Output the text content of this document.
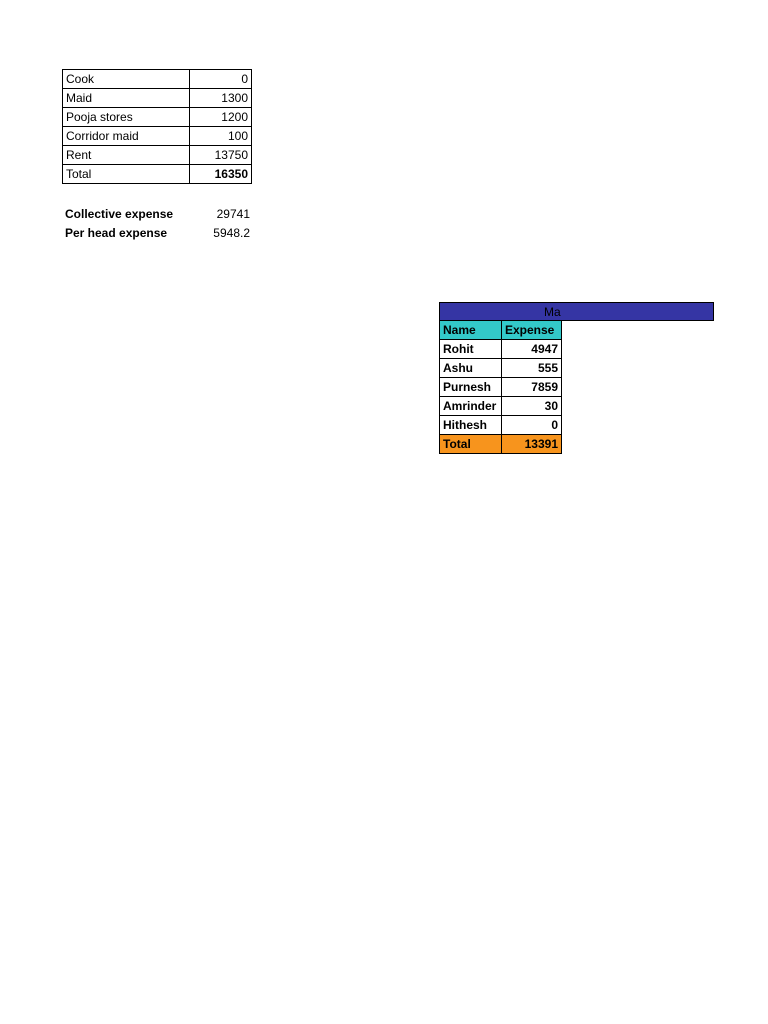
Cook	0
Maid	1300
Pooja stores	1200
Corridor maid	100
Rent	13750
Total	16350
Collective expense	29741
Per head expense	5948.2
Ma
Name	Expense
Rohit	4947
Ashu	555
Purnesh	7859
Amrinder	30
Hithesh	0
Total	13391
